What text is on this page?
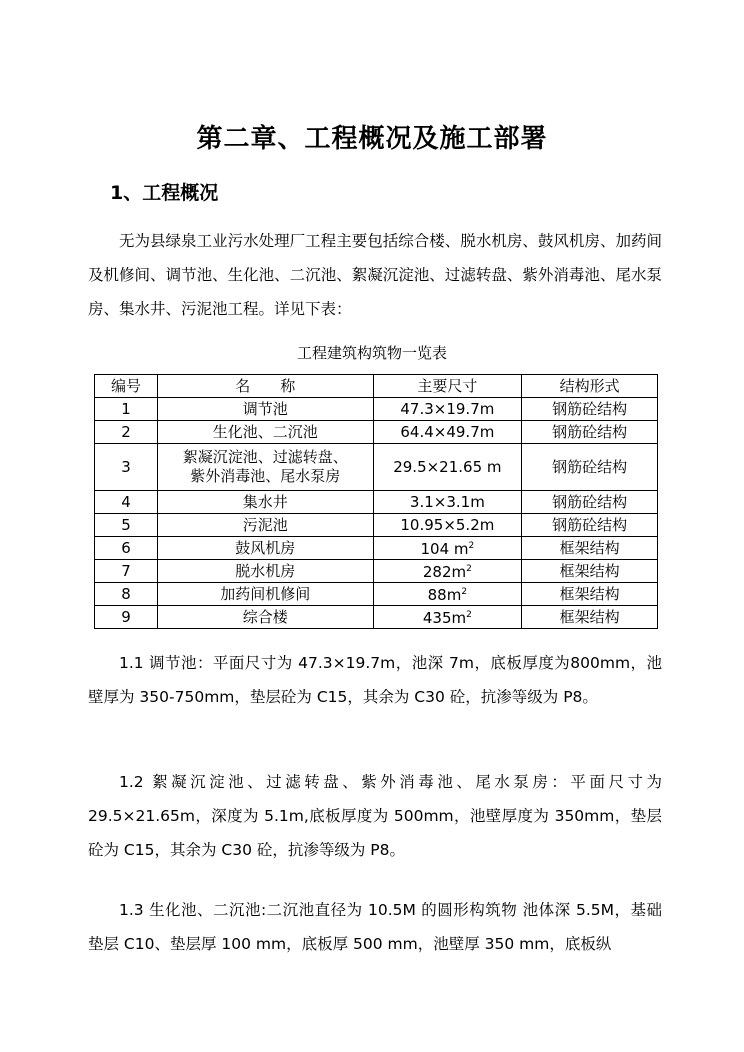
第二章、工程概况及施工部署
1、工程概况

无为县绿泉工业污水处理厂工程主要包括综合楼、脱水机房、鼓风机房、加药间及机修间、调节池、生化池、二沉池、絮凝沉淀池、过滤转盘、紫外消毒池、尾水泵房、集水井、污泥池工程。详见下表：

工程建筑构筑物一览表

编号	名　　称	主要尺寸	结构形式
1	调节池	47.3×19.7m	钢筋砼结构
2	生化池、二沉池	64.4×49.7m	钢筋砼结构
3	絮凝沉淀池、过滤转盘、
紫外消毒池、尾水泵房	29.5×21.65 m	钢筋砼结构
4	集水井	3.1×3.1m	钢筋砼结构
5	污泥池	10.95×5.2m	钢筋砼结构
6	鼓风机房	104 $m^2$	框架结构
7	脱水机房	$282m^2$	框架结构
8	加药间机修间	$88m^2$	框架结构
9	综合楼	$435m^2$	框架结构

1.1 调节池：平面尺寸为 47.3×19.7m，池深 7m，底板厚度为800mm，池壁厚为 350-750mm，垫层砼为 C15，其余为 C30 砼，抗渗等级为 P8。

1.2 絮凝沉淀池、过滤转盘、紫外消毒池、尾水泵房：平面尺寸为29.5×21.65m，深度为 5.1m,底板厚度为 500mm，池壁厚度为 350mm，垫层砼为 C15，其余为 C30 砼，抗渗等级为 P8。

1.3 生化池、二沉池:二沉池直径为 10.5M 的圆形构筑物 池体深 5.5M，基础垫层 C10、垫层厚 100 mm，底板厚 500 mm，池壁厚 350 mm，底板纵
